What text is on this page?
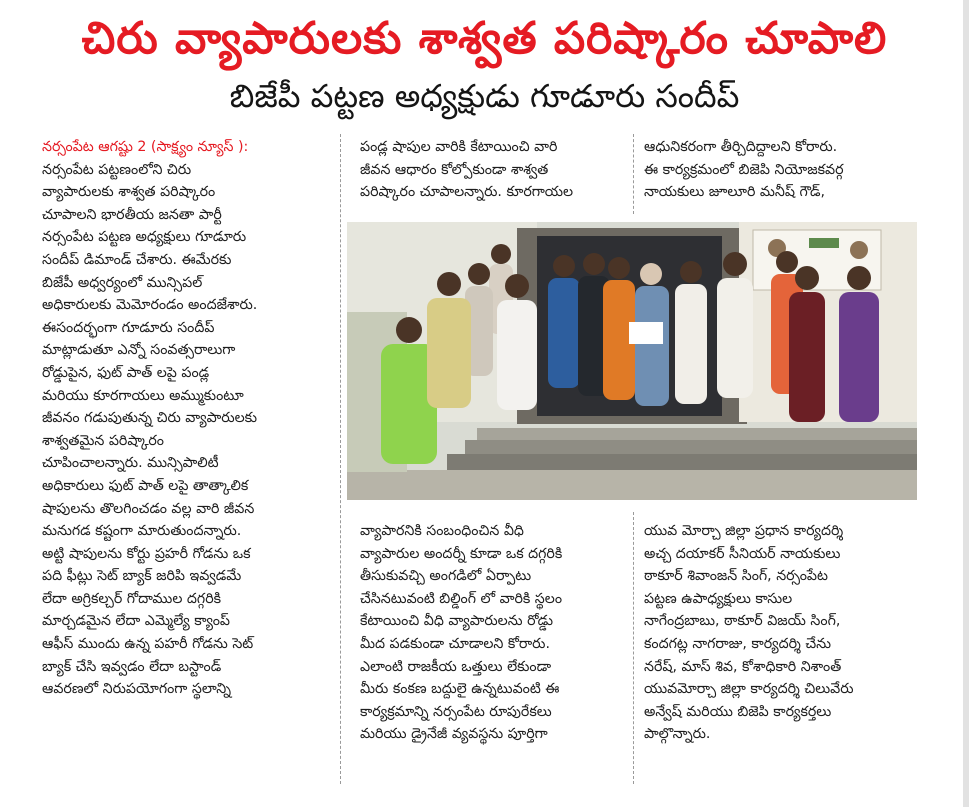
చిరు వ్యాపారులకు శాశ్వత పరిష్కారం చూపాలి
బిజేపీ పట్టణ అధ్యక్షుడు గూడూరు సందీప్

నర్సంపేట ఆగష్టు 2 (సాక్ష్యం న్యూస్ ):

నర్సంపేట పట్టణంలోని చిరు

వ్యాపారులకు శాశ్వత పరిష్కారం

చూపాలని భారతీయ జనతా పార్టీ

నర్సంపేట పట్టణ అధ్యక్షులు గూడూరు

సందీప్ డిమాండ్ చేశారు. ఈమేరకు

బిజేపీ అధ్వర్యంలో మున్సిపల్

అధికారులకు మెమోరండం అందజేశారు.

ఈసందర్భంగా గూడూరు సందీప్

మాట్లాడుతూ ఎన్నో సంవత్సరాలుగా

రోడ్డుపైన, ఫుట్ పాత్ లపై పండ్ల

మరియు కూరగాయలు అమ్ముకుంటూ

జీవనం గడుపుతున్న చిరు వ్యాపారులకు

శాశ్వతమైన పరిష్కారం

చూపించాలన్నారు. మున్సిపాలిటీ

అధికారులు ఫుట్ పాత్ లపై తాత్కాలిక

షాపులను తొలగించడం వల్ల వారి జీవన

మనుగడ కష్టంగా మారుతుందన్నారు.

అట్టి షాపులను కోర్టు ప్రహరీ గోడను ఒక

పది ఫీట్లు సెట్ బ్యాక్ జరిపి ఇవ్వడమే

లేదా అగ్రికల్చర్ గోదాముల దగ్గరికి

మార్చడమైన లేదా ఎమ్మెల్యే క్యాంప్

ఆఫీస్ ముందు ఉన్న పహరీ గోడను సెట్

బ్యాక్ చేసి ఇవ్వడం లేదా బస్టాండ్

ఆవరణలో నిరుపయోగంగా స్థలాన్ని

పండ్ల షాపుల వారికి కేటాయించి వారి

జీవన ఆధారం కోల్పోకుండా శాశ్వత

పరిష్కారం చూపాలన్నారు. కూరగాయల

ఆధునికరంగా తీర్చిదిద్దాలని కోరారు.

ఈ కార్యక్రమంలో బిజెపి నియోజకవర్గ

నాయకులు జూలూరి మనీష్ గౌడ్,

వ్యాపారనికి సంబంధించిన వీధి

వ్యాపారుల అందర్నీ కూడా ఒక దగ్గరికి

తీసుకువచ్చి అంగడిలో ఏర్పాటు

చేసినటువంటి బిల్డింగ్ లో వారికి స్థలం

కేటాయించి వీధి వ్యాపారులను రోడ్డు

మీద పడకుండా చూడాలని కోరారు.

ఎలాంటి రాజకీయ ఒత్తులు లేకుండా

మీరు కంకణ బద్దులై ఉన్నటువంటి ఈ

కార్యక్రమాన్ని నర్సంపేట రూపురేకలు

మరియు డ్రైనేజీ వ్యవస్థను పూర్తిగా

యువ మోర్చా జిల్లా ప్రధాన కార్యదర్శి

అచ్చ దయాకర్ సీనియర్ నాయకులు

ఠాకూర్ శివాంజన్ సింగ్, నర్సంపేట

పట్టణ ఉపాధ్యక్షులు కాసుల

నాగేంద్రబాబు, ఠాకూర్ విజయ్ సింగ్,

కందగట్ల నాగరాజు, కార్యదర్శి చేను

నరేష్, మాస్ శివ, కోశాధికారి నిశాంత్

యువమోర్చా జిల్లా కార్యదర్శి చిలువేరు

అన్వేష్ మరియు బిజెపి కార్యకర్తలు

పాల్గొన్నారు.
